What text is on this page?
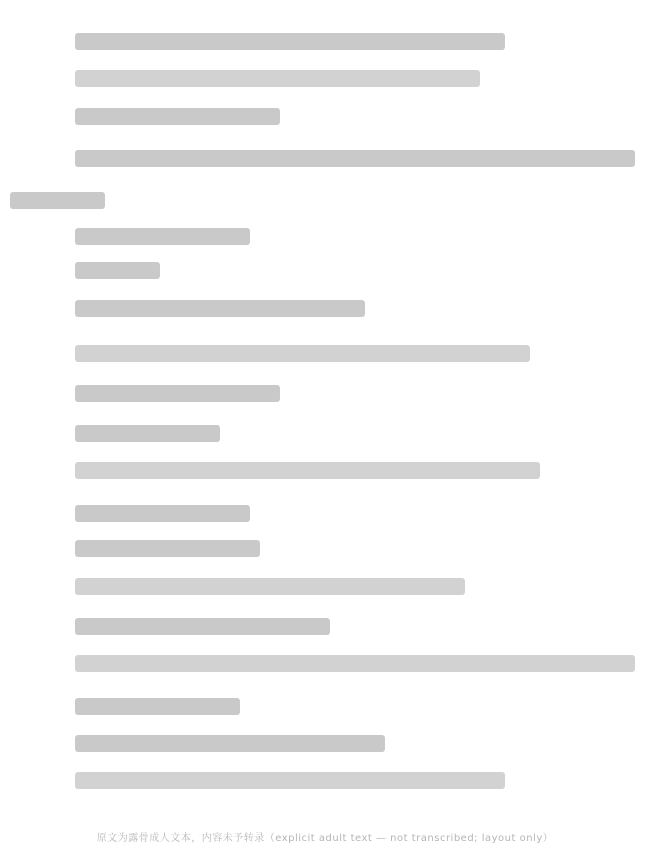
原文为露骨成人文本，内容未予转录（explicit adult text — not transcribed; layout only）
